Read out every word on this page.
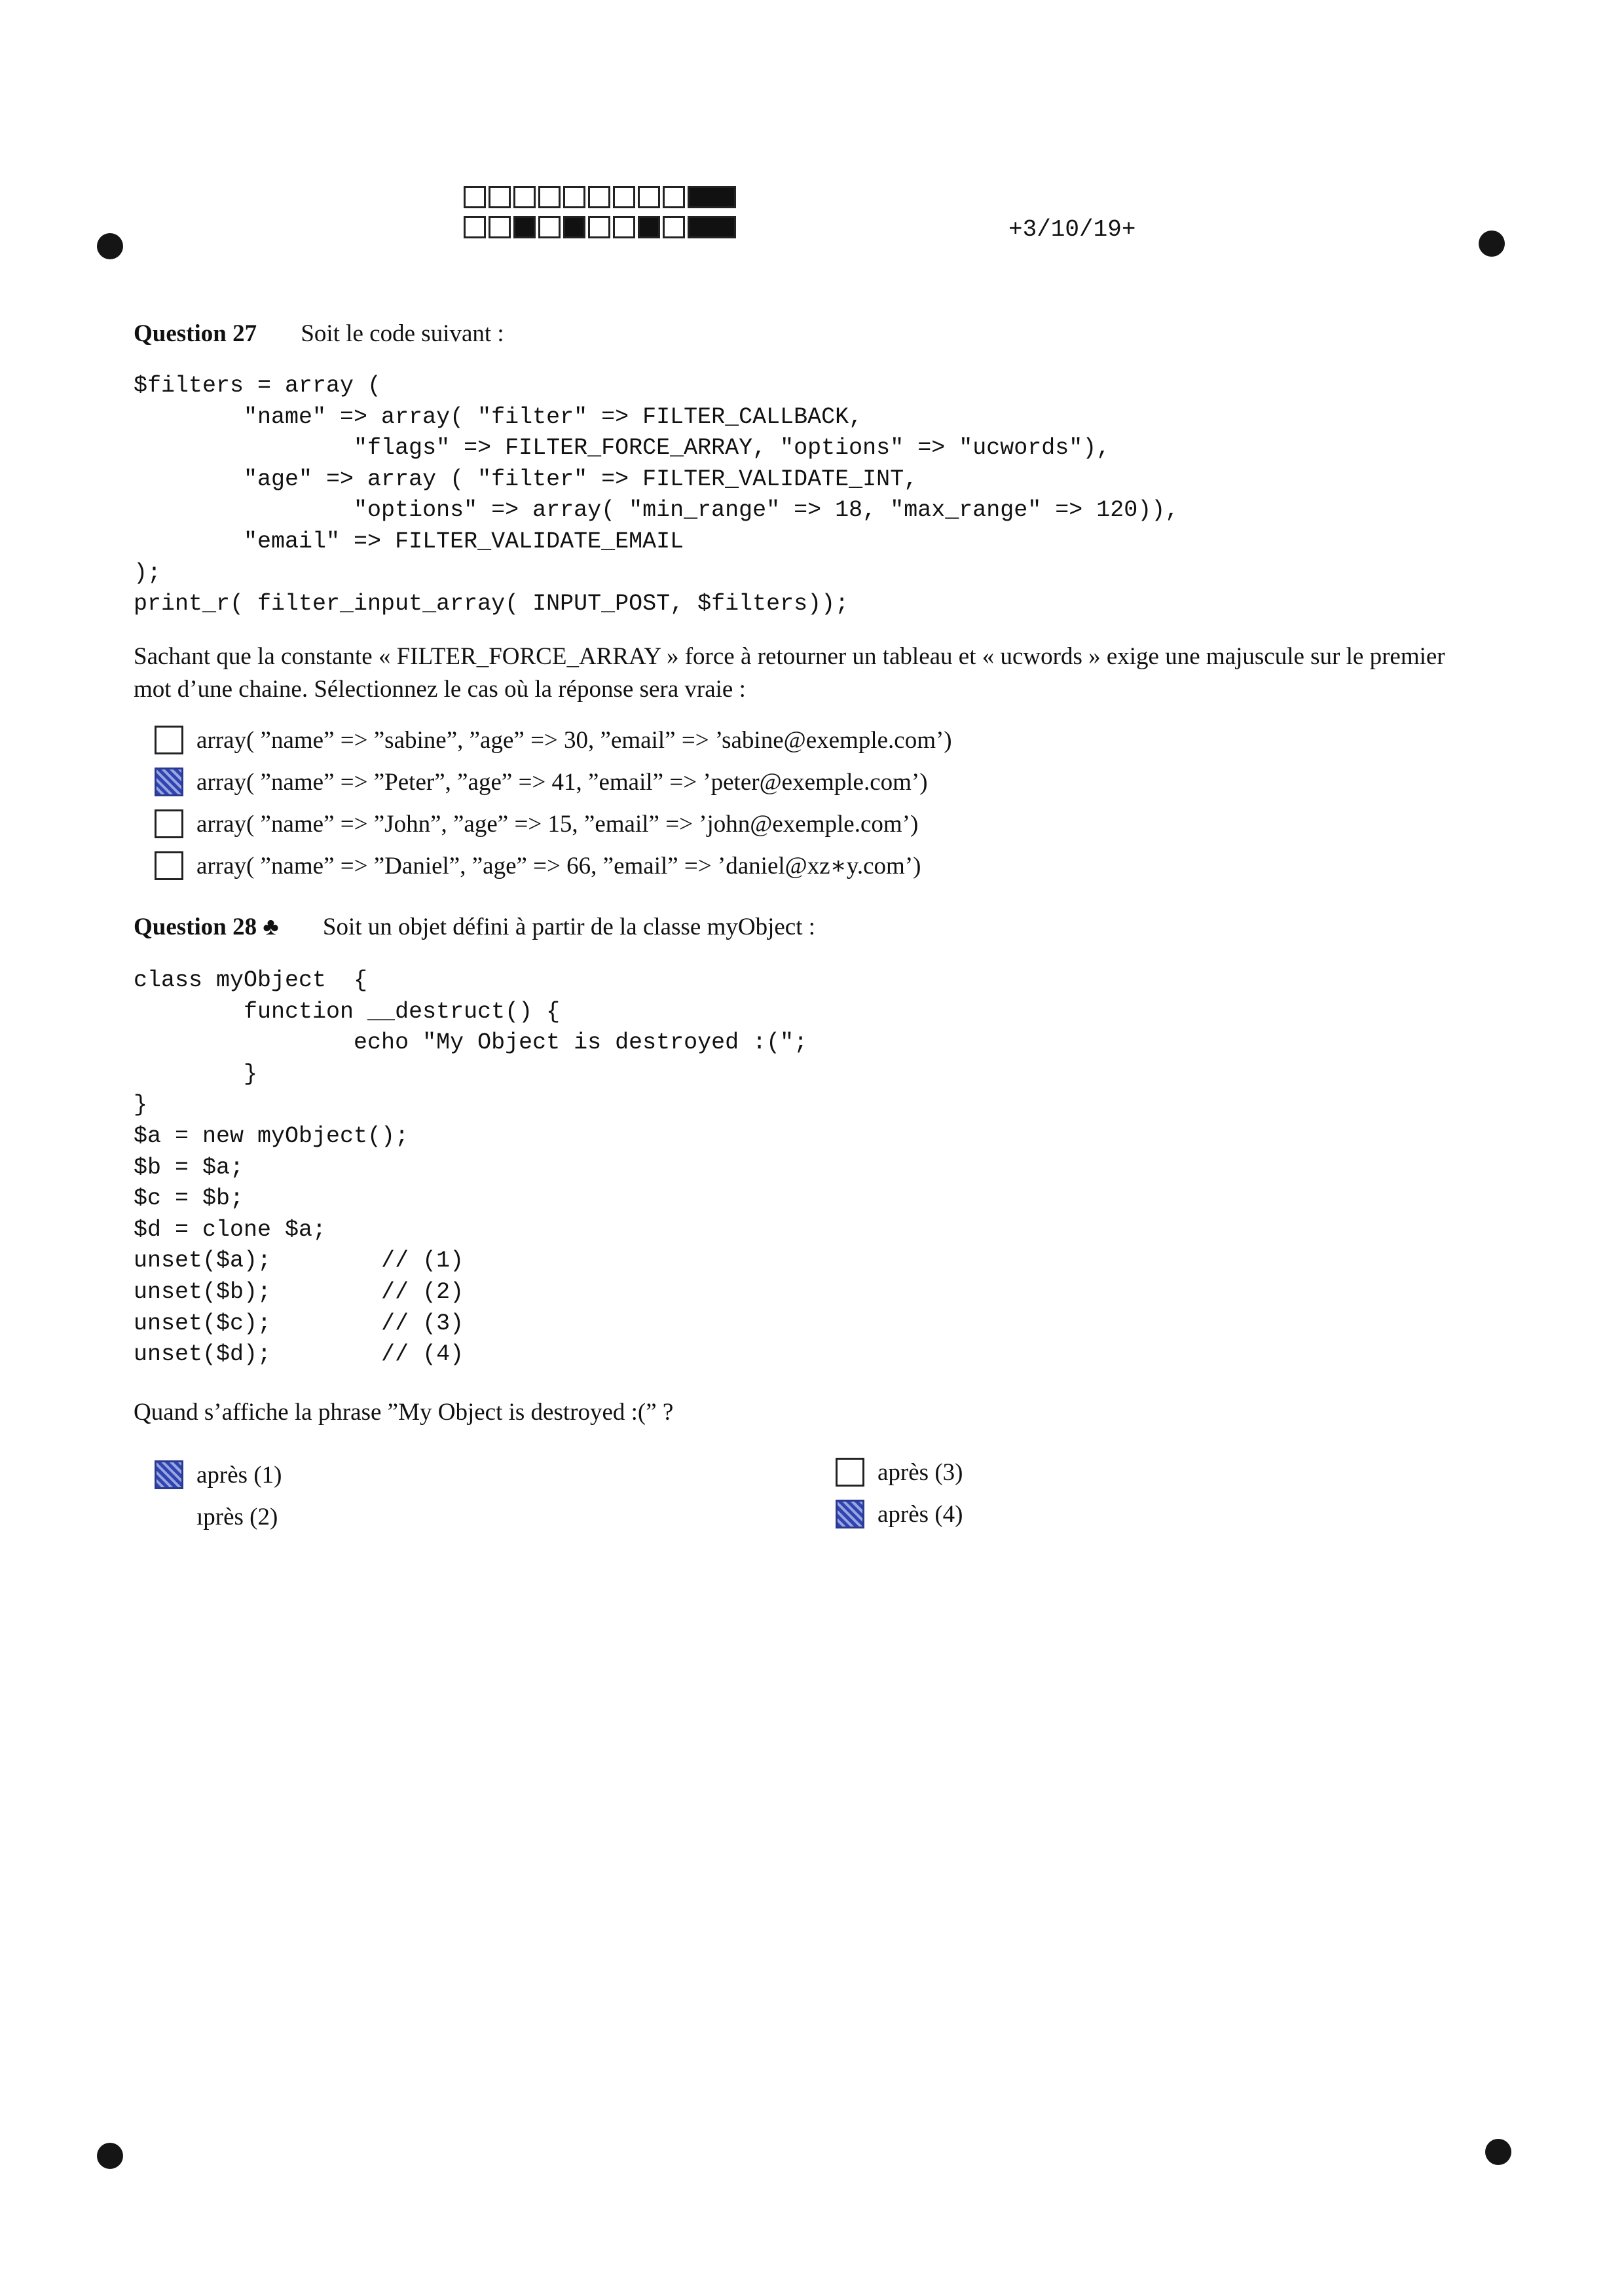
+3/10/19+
Question 27 Soit le code suivant :
$filters = array (
"name" => array( "filter" => FILTER_CALLBACK,
"flags" => FILTER_FORCE_ARRAY, "options" => "ucwords"),
"age" => array ( "filter" => FILTER_VALIDATE_INT,
"options" => array( "min_range" => 18, "max_range" => 120)),
"email" => FILTER_VALIDATE_EMAIL
);
print_r( filter_input_array( INPUT_POST, $filters));
Sachant que la constante « FILTER_FORCE_ARRAY » force à retourner un tableau et « ucwords » exige une majuscule sur le premier mot d’une chaine. Sélectionnez le cas où la réponse sera vraie :
array( ”name” => ”sabine”, ”age” => 30, ”email” => ’sabine@exemple.com’)
array( ”name” => ”Peter”, ”age” => 41, ”email” => ’peter@exemple.com’)
array( ”name” => ”John”, ”age” => 15, ”email” => ’john@exemple.com’)
array( ”name” => ”Daniel”, ”age” => 66, ”email” => ’daniel@xz∗y.com’)
Question 28 ♣ Soit un objet défini à partir de la classe myObject :
class myObject  {
function __destruct() {
echo "My Object is destroyed :(";
}
}
$a = new myObject();
$b = $a;
$c = $b;
$d = clone $a;
unset($a);        // (1)
unset($b);        // (2)
unset($c);        // (3)
unset($d);        // (4)
Quand s’affiche la phrase ”My Object is destroyed :(” ?
après (1)
ıprès (2)
après (3)
après (4)
